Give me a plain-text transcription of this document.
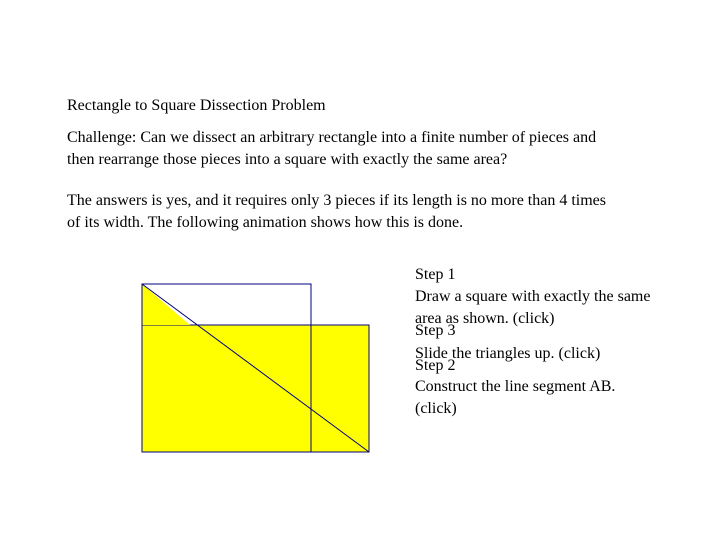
Rectangle to Square Dissection Problem
Challenge: Can we dissect an arbitrary rectangle into a finite number of pieces and
then rearrange those pieces into a square with exactly the same area?
The answers is yes, and it requires only 3 pieces if its length is no more than 4 times
of its width. The following animation shows how this is done.
Step 1
Draw a square with exactly the same
area as shown. (click)
Step 3
Slide the triangles up. (click)
Step 2
Construct the line segment AB.
(click)
